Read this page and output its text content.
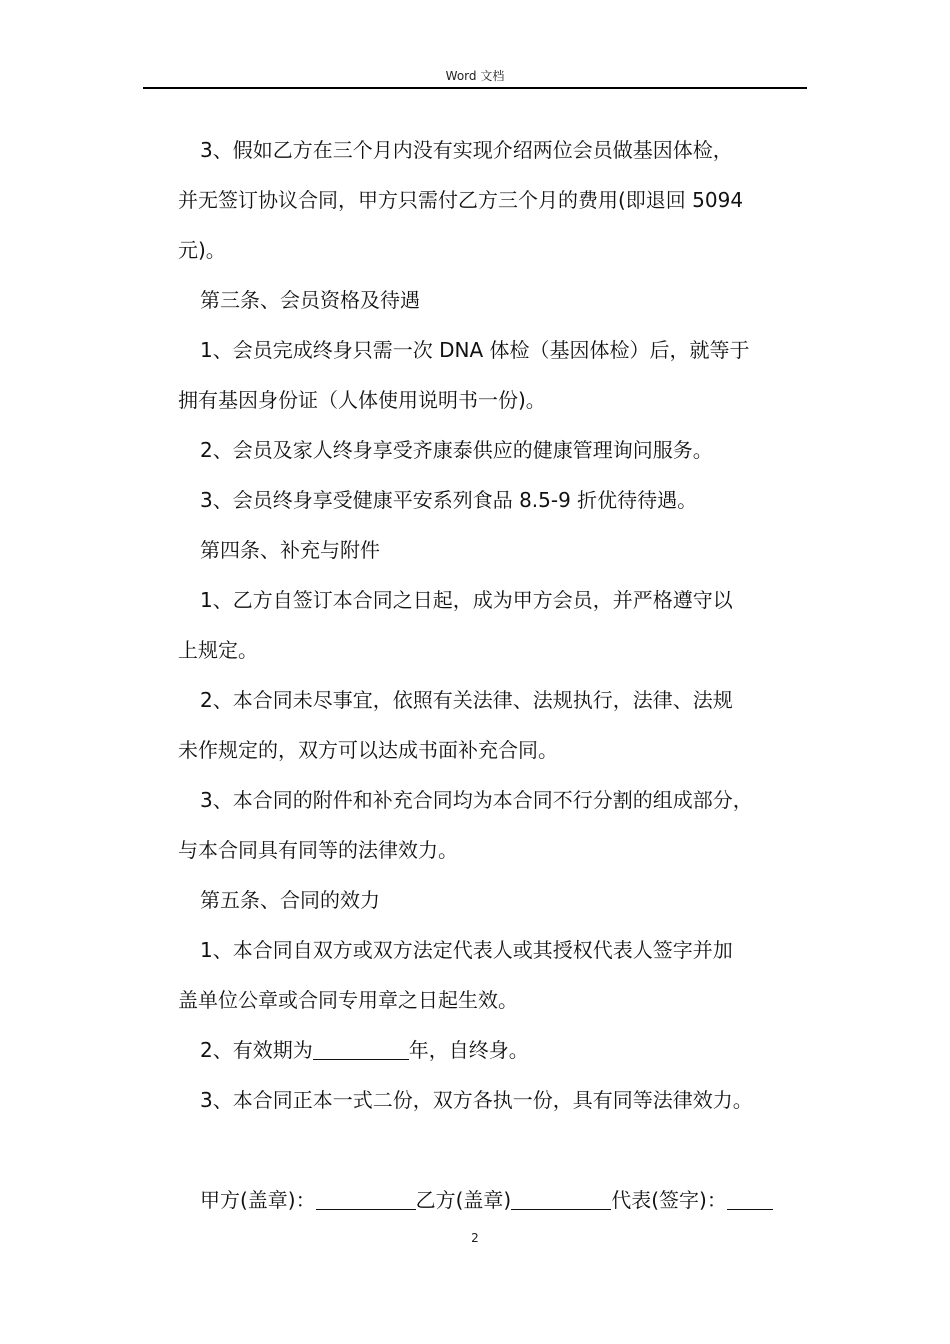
Word 文档
3、假如乙方在三个月内没有实现介绍两位会员做基因体检，
并无签订协议合同，甲方只需付乙方三个月的费用(即退回 5094
元)。
第三条、会员资格及待遇
1、会员完成终身只需一次 DNA 体检（基因体检）后，就等于
拥有基因身份证（人体使用说明书一份)。
2、会员及家人终身享受齐康泰供应的健康管理询问服务。
3、会员终身享受健康平安系列食品 8.5-9 折优待待遇。
第四条、补充与附件
1、乙方自签订本合同之日起，成为甲方会员，并严格遵守以
上规定。
2、本合同未尽事宜，依照有关法律、法规执行，法律、法规
未作规定的，双方可以达成书面补充合同。
3、本合同的附件和补充合同均为本合同不行分割的组成部分，
与本合同具有同等的法律效力。
第五条、合同的效力
1、本合同自双方或双方法定代表人或其授权代表人签字并加
盖单位公章或合同专用章之日起生效。
2、有效期为	年，自终身。
3、本合同正本一式二份，双方各执一份，具有同等法律效力。
甲方(盖章)：	乙方(盖章)	代表(签字)：
2
